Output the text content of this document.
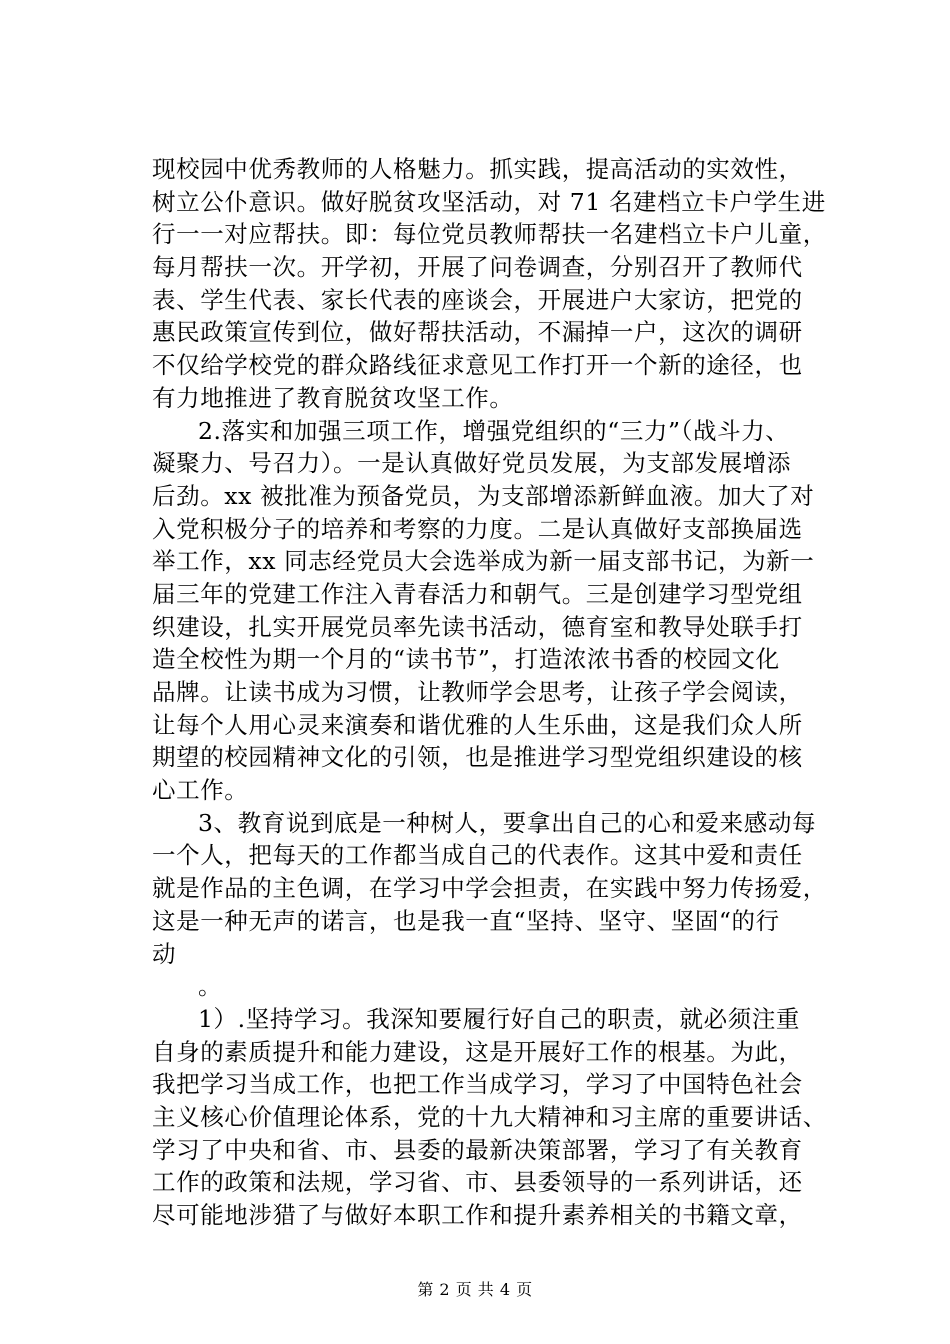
现校园中优秀教师的人格魅力。抓实践，提高活动的实效性，
树立公仆意识。做好脱贫攻坚活动，对 71 名建档立卡户学生进
行一一对应帮扶。即：每位党员教师帮扶一名建档立卡户儿童，
每月帮扶一次。开学初，开展了问卷调查，分别召开了教师代
表、学生代表、家长代表的座谈会，开展进户大家访，把党的
惠民政策宣传到位，做好帮扶活动，不漏掉一户，这次的调研
不仅给学校党的群众路线征求意见工作打开一个新的途径，也
有力地推进了教育脱贫攻坚工作。
2.落实和加强三项工作，增强党组织的“三力”（战斗力、
凝聚力、号召力）。一是认真做好党员发展，为支部发展增添
后劲。xx 被批准为预备党员，为支部增添新鲜血液。加大了对
入党积极分子的培养和考察的力度。二是认真做好支部换届选
举工作，xx 同志经党员大会选举成为新一届支部书记，为新一
届三年的党建工作注入青春活力和朝气。三是创建学习型党组
织建设，扎实开展党员率先读书活动，德育室和教导处联手打
造全校性为期一个月的“读书节”，打造浓浓书香的校园文化
品牌。让读书成为习惯，让教师学会思考，让孩子学会阅读，
让每个人用心灵来演奏和谐优雅的人生乐曲，这是我们众人所
期望的校园精神文化的引领，也是推进学习型党组织建设的核
心工作。
3、教育说到底是一种树人，要拿出自己的心和爱来感动每
一个人，把每天的工作都当成自己的代表作。这其中爱和责任
就是作品的主色调，在学习中学会担责，在实践中努力传扬爱，
这是一种无声的诺言，也是我一直“坚持、坚守、坚固“的行
动
。
1）.坚持学习。我深知要履行好自己的职责，就必须注重
自身的素质提升和能力建设，这是开展好工作的根基。为此，
我把学习当成工作，也把工作当成学习，学习了中国特色社会
主义核心价值理论体系，党的十九大精神和习主席的重要讲话、
学习了中央和省、市、县委的最新决策部署，学习了有关教育
工作的政策和法规，学习省、市、县委领导的一系列讲话，还
尽可能地涉猎了与做好本职工作和提升素养相关的书籍文章，
第 2 页 共 4 页
